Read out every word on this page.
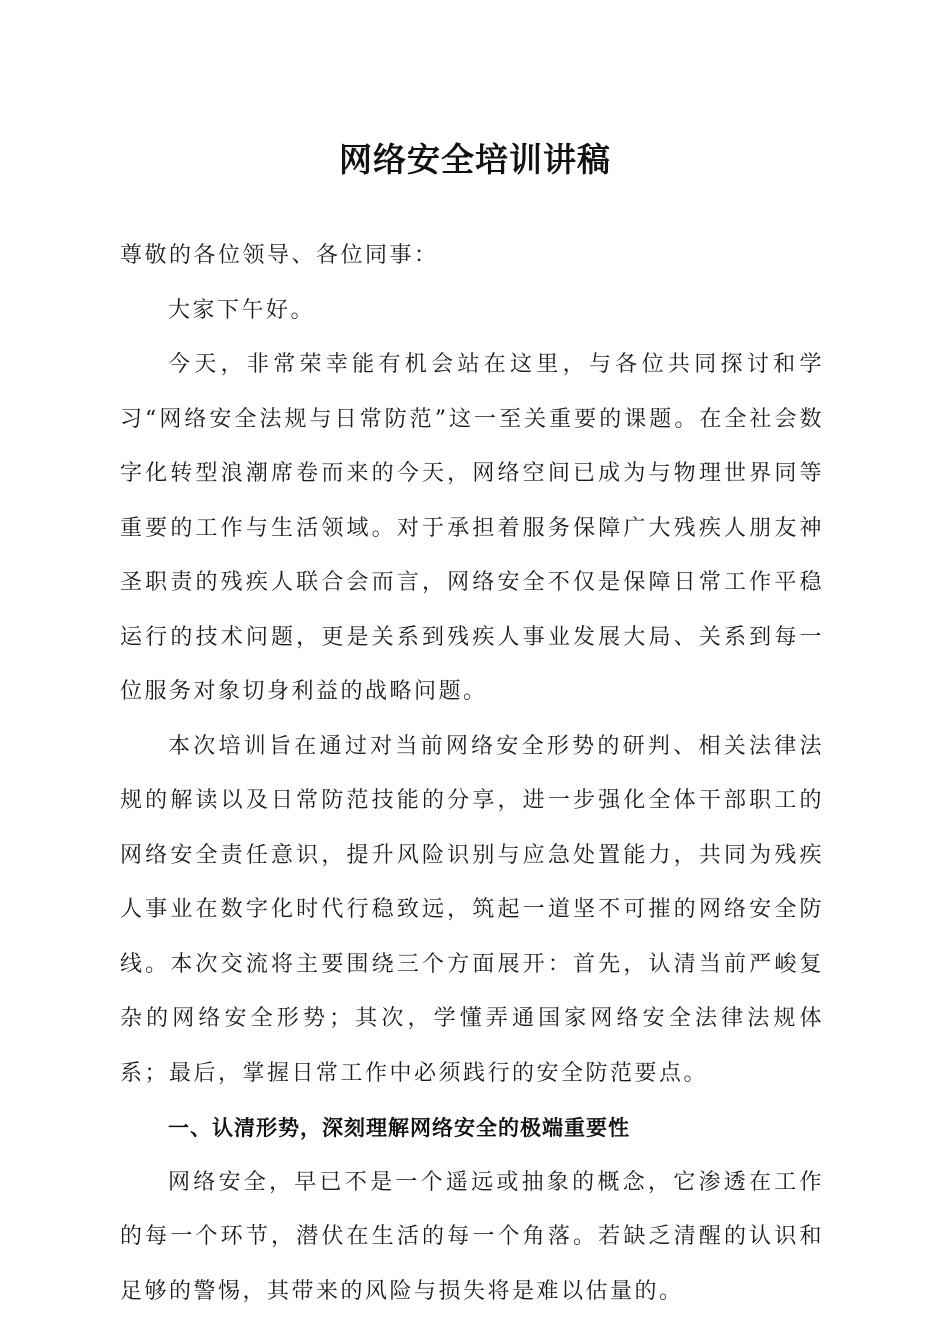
网络安全培训讲稿

尊敬的各位领导、各位同事：

大家下午好。

今天，非常荣幸能有机会站在这里，与各位共同探讨和学习“网络安全法规与日常防范”这一至关重要的课题。在全社会数字化转型浪潮席卷而来的今天，网络空间已成为与物理世界同等重要的工作与生活领域。对于承担着服务保障广大残疾人朋友神圣职责的残疾人联合会而言，网络安全不仅是保障日常工作平稳运行的技术问题，更是关系到残疾人事业发展大局、关系到每一位服务对象切身利益的战略问题。

本次培训旨在通过对当前网络安全形势的研判、相关法律法规的解读以及日常防范技能的分享，进一步强化全体干部职工的网络安全责任意识，提升风险识别与应急处置能力，共同为残疾人事业在数字化时代行稳致远，筑起一道坚不可摧的网络安全防线。本次交流将主要围绕三个方面展开：首先，认清当前严峻复杂的网络安全形势；其次，学懂弄通国家网络安全法律法规体系；最后，掌握日常工作中必须践行的安全防范要点。

一、认清形势，深刻理解网络安全的极端重要性

网络安全，早已不是一个遥远或抽象的概念，它渗透在工作的每一个环节，潜伏在生活的每一个角落。若缺乏清醒的认识和足够的警惕，其带来的风险与损失将是难以估量的。
